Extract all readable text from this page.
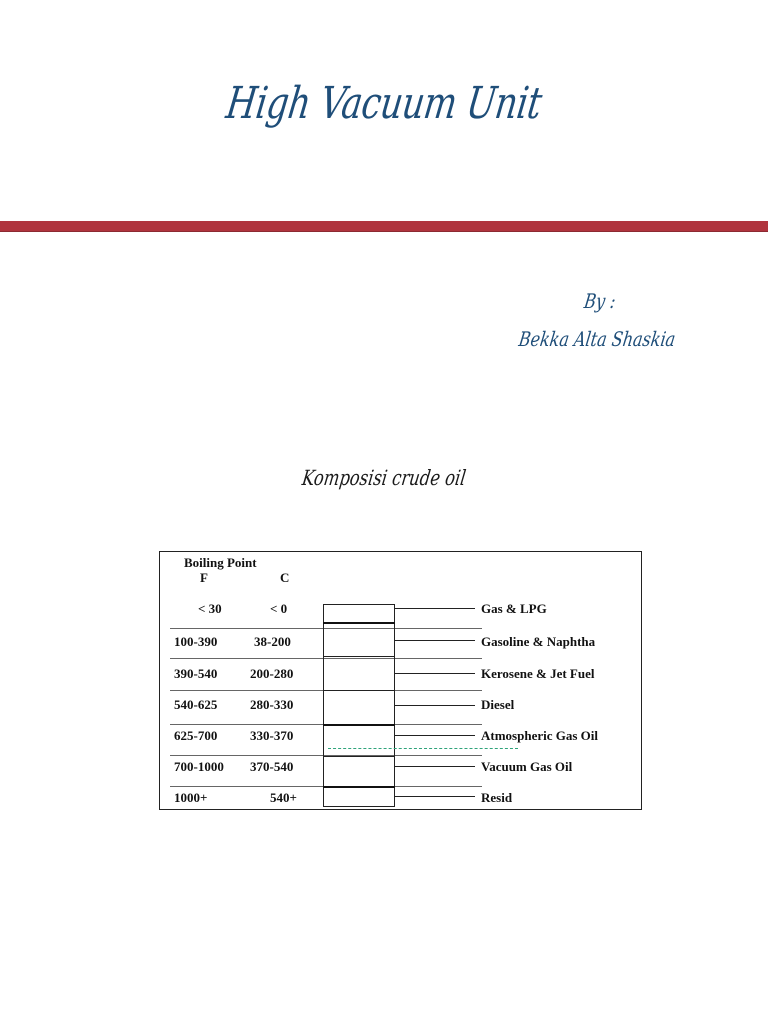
High Vacuum Unit
By :
Bekka Alta Shaskia
Komposisi crude oil
Boiling Point
F	C
< 30	< 0	Gas & LPG
100-390	38-200	Gasoline & Naphtha
390-540	200-280	Kerosene & Jet Fuel
540-625	280-330	Diesel
625-700	330-370	Atmospheric Gas Oil
700-1000 370-540	Vacuum Gas Oil
1000+	540+	Resid
